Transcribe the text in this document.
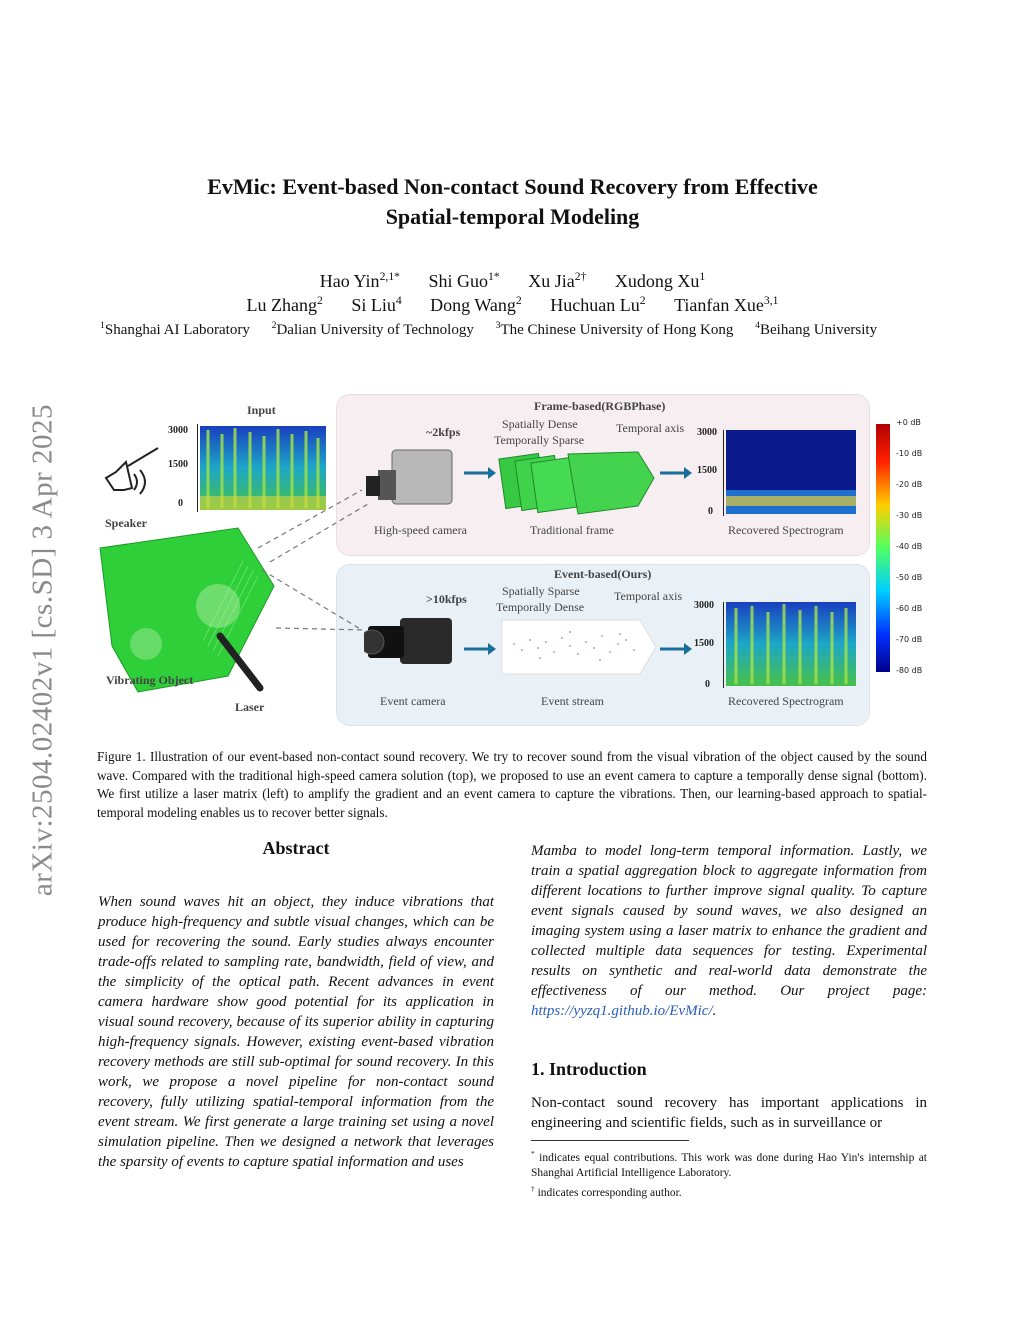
arXiv:2504.02402v1 [cs.SD] 3 Apr 2025
EvMic: Event-based Non-contact Sound Recovery from Effective
Spatial-temporal Modeling
Hao Yin$^{2,1*}$ Shi Guo$^{1*}$ Xu Jia$^{2\dagger}$ Xudong Xu$^1$
Lu Zhang$^2$ Si Liu$^4$ Dong Wang$^2$ Huchuan Lu$^2$ Tianfan Xue$^{3,1}$
$^1$Shanghai AI Laboratory $^2$Dalian University of Technology $^3$The Chinese University of Hong Kong $^4$Beihang University
Input
3000
1500
0
Speaker
Vibrating Object
Laser
Frame-based(RGBPhase)
~2kfps
High-speed camera
Spatially Dense
Temporally Sparse
Traditional frame
Temporal axis 3000
1500
0
Recovered Spectrogram
Event-based(Ours)
>10kfps
Event camera
Spatially Sparse
Temporally Dense
Event stream
Temporal axis
3000
1500
0
Recovered Spectrogram
+0 dB
-10 dB
-20 dB
-30 dB
-40 dB
-50 dB
-60 dB
-70 dB
-80 dB
Figure 1. Illustration of our event-based non-contact sound recovery. We try to recover sound from the visual vibration of the object caused by the sound wave. Compared with the traditional high-speed camera solution (top), we proposed to use an event camera to capture a temporally dense signal (bottom). We first utilize a laser matrix (left) to amplify the gradient and an event camera to capture the vibrations. Then, our learning-based approach to spatial-temporal modeling enables us to recover better signals.
Abstract
When sound waves hit an object, they induce vibrations that produce high-frequency and subtle visual changes, which can be used for recovering the sound. Early studies always encounter trade-offs related to sampling rate, bandwidth, field of view, and the simplicity of the optical path. Recent advances in event camera hardware show good potential for its application in visual sound recovery, because of its superior ability in capturing high-frequency signals. However, existing event-based vibration recovery methods are still sub-optimal for sound recovery. In this work, we propose a novel pipeline for non-contact sound recovery, fully utilizing spatial-temporal information from the event stream. We first generate a large training set using a novel simulation pipeline. Then we designed a network that leverages the sparsity of events to capture spatial information and uses
Mamba to model long-term temporal information. Lastly, we train a spatial aggregation block to aggregate information from different locations to further improve signal quality. To capture event signals caused by sound waves, we also designed an imaging system using a laser matrix to enhance the gradient and collected multiple data sequences for testing. Experimental results on synthetic and real-world data demonstrate the effectiveness of our method. Our project page: https://yyzq1.github.io/EvMic/.
1. Introduction
Non-contact sound recovery has important applications in engineering and scientific fields, such as in surveillance or
* indicates equal contributions. This work was done during Hao Yin's internship at Shanghai Artificial Intelligence Laboratory.
† indicates corresponding author.
